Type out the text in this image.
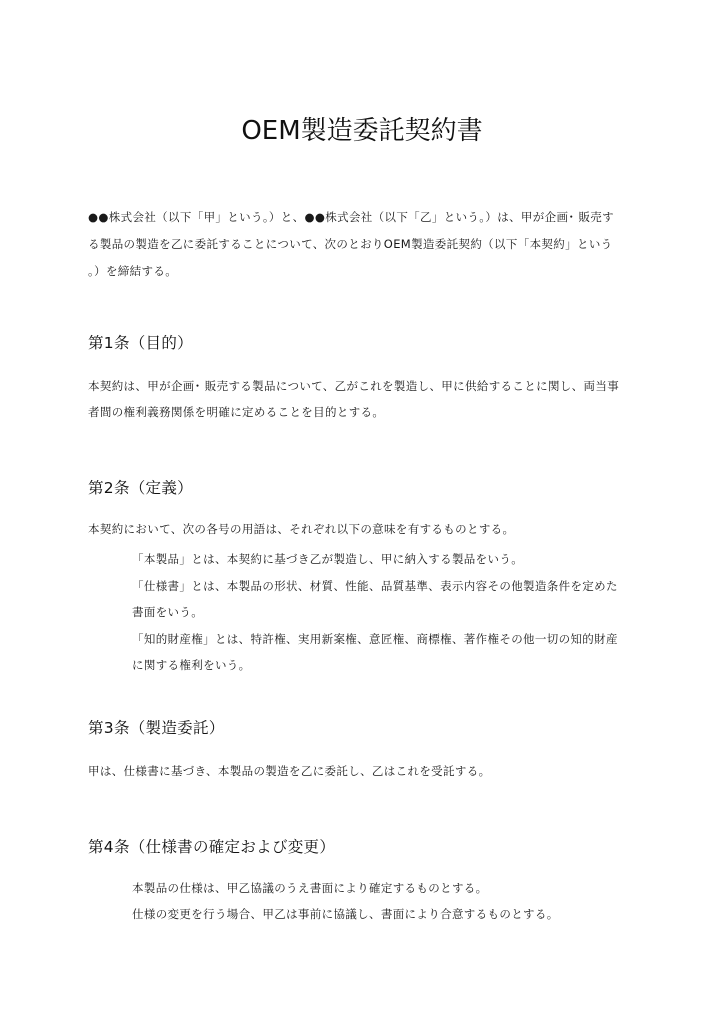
OEM製造委託契約書
●●株式会社（以下「甲」という。）と、●●株式会社（以下「乙」という。）は、甲が企画･ 販売す
る製品の製造を乙に委託することについて、次のとおりOEM製造委託契約（以下「本契約」という
。）を締結する。
第1条（目的）
本契約は、甲が企画･ 販売する製品について、乙がこれを製造し、甲に供給することに関し、両当事
者間の権利義務関係を明確に定めることを目的とする。
第2条（定義）
本契約において、次の各号の用語は、それぞれ以下の意味を有するものとする。
「本製品」とは、本契約に基づき乙が製造し、甲に納入する製品をいう。
「仕様書」とは、本製品の形状、材質、性能、品質基準、表示内容その他製造条件を定めた
書面をいう。
「知的財産権」とは、特許権、実用新案権、意匠権、商標権、著作権その他一切の知的財産
に関する権利をいう。
第3条（製造委託）
甲は、仕様書に基づき、本製品の製造を乙に委託し、乙はこれを受託する。
第4条（仕様書の確定および変更）
本製品の仕様は、甲乙協議のうえ書面により確定するものとする。
仕様の変更を行う場合、甲乙は事前に協議し、書面により合意するものとする。
